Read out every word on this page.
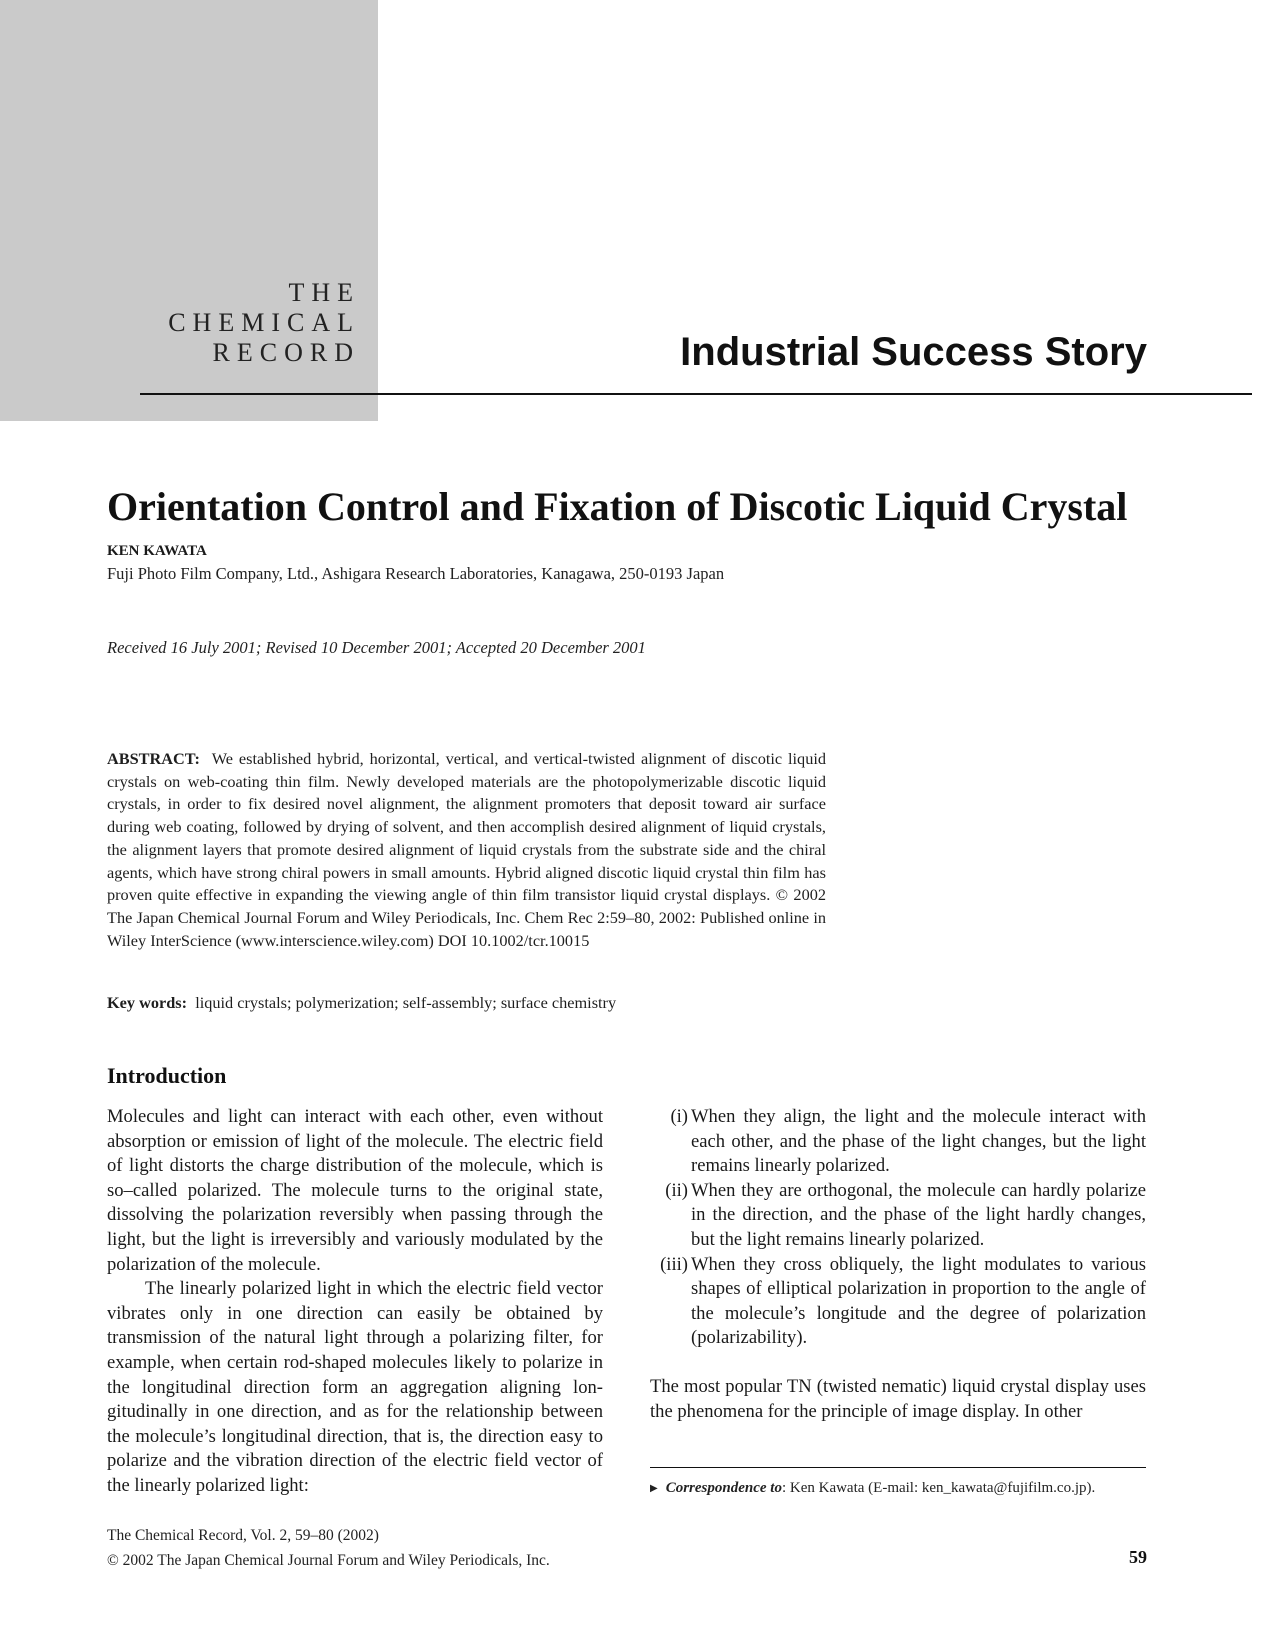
THE
CHEMICAL
RECORD	Industrial Success Story
Orientation Control and Fixation of Discotic Liquid Crystal
KEN KAWATA
Fuji Photo Film Company, Ltd., Ashigara Research Laboratories, Kanagawa, 250-0193 Japan
Received 16 July 2001; Revised 10 December 2001; Accepted 20 December 2001

ABSTRACT: We established hybrid, horizontal, vertical, and vertical-twisted alignment of discotic liquid crystals on web-coating thin film. Newly developed materials are the photopolymerizable discotic liquid crystals, in order to fix desired novel alignment, the alignment promoters that deposit toward air surface during web coating, followed by drying of solvent, and then accomplish desired alignment of liquid crystals, the alignment layers that promote desired alignment of liquid crystals from the substrate side and the chiral agents, which have strong chiral powers in small amounts. Hybrid aligned discotic liquid crystal thin film has proven quite effective in expanding the viewing angle of thin film transistor liquid crystal displays. © 2002 The Japan Chemical Journal Forum and Wiley Periodicals, Inc. Chem Rec 2:59–80, 2002: Published online in Wiley InterScience (www.interscience.wiley.com) DOI 10.1002/tcr.10015

Key words: liquid crystals; polymerization; self-assembly; surface chemistry
Introduction

Molecules and light can interact with each other, even without absorption or emission of light of the molecule. The electric field of light distorts the charge distribution of the molecule, which is so–called polarized. The molecule turns to the original state, dissolving the polarization reversibly when passing through the light, but the light is irreversibly and variously modulated by the polarization of the molecule.

The linearly polarized light in which the electric field vector vibrates only in one direction can easily be obtained by transmission of the natural light through a polarizing filter, for example, when certain rod-shaped molecules likely to polarize in the longitudinal direction form an aggregation aligning longitudinally in one direction, and as for the relationship between the molecule’s longitudinal direction, that is, the direction easy to polarize and the vibration direction of the electric field vector of the linearly polarized light:

(i) When they align, the light and the molecule interact with each other, and the phase of the light changes, but the light remains linearly polarized.
(ii) When they are orthogonal, the molecule can hardly polarize in the direction, and the phase of the light hardly changes, but the light remains linearly polarized.
(iii) When they cross obliquely, the light modulates to various shapes of elliptical polarization in proportion to the angle of the molecule’s longitude and the degree of polarization (polarizability).

The most popular TN (twisted nematic) liquid crystal display uses the phenomena for the principle of image display. In other

▶ Correspondence to: Ken Kawata (E-mail: ken_kawata@fujifilm.co.jp).
The Chemical Record, Vol. 2, 59–80 (2002)
© 2002 The Japan Chemical Journal Forum and Wiley Periodicals, Inc.	59
